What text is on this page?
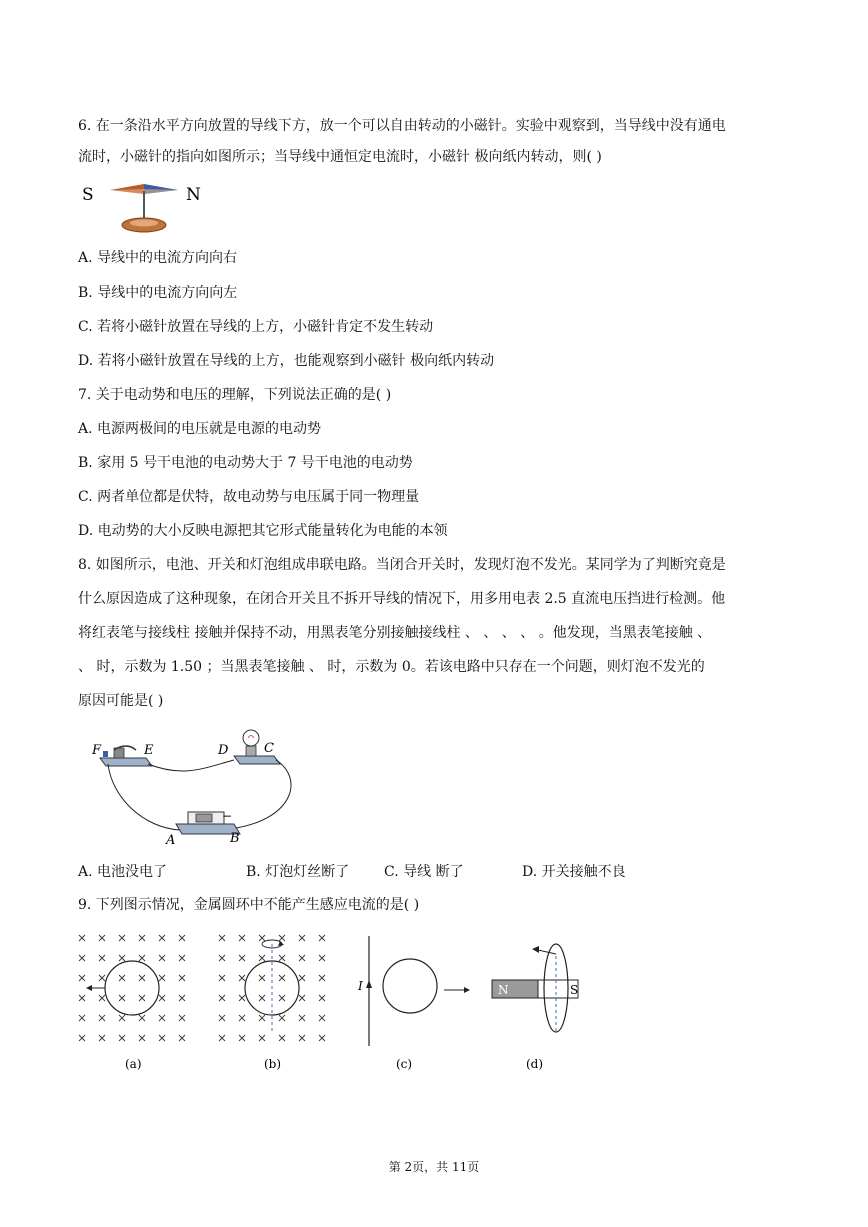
6. 在一条沿水平方向放置的导线下方，放一个可以自由转动的小磁针。实验中观察到，当导线中没有通电
流时，小磁针的指向如图所示；当导线中通恒定电流时，小磁针 极向纸内转动，则( )
S	N
A. 导线中的电流方向向右
B. 导线中的电流方向向左
C. 若将小磁针放置在导线的上方，小磁针肯定不发生转动
D. 若将小磁针放置在导线的上方，也能观察到小磁针 极向纸内转动
7. 关于电动势和电压的理解，下列说法正确的是( )
A. 电源两极间的电压就是电源的电动势
B. 家用 5 号干电池的电动势大于 7 号干电池的电动势
C. 两者单位都是伏特，故电动势与电压属于同一物理量
D. 电动势的大小反映电源把其它形式能量转化为电能的本领
8. 如图所示，电池、开关和灯泡组成串联电路。当闭合开关时，发现灯泡不发光。某同学为了判断究竟是
什么原因造成了这种现象，在闭合开关且不拆开导线的情况下，用多用电表 2.5 直流电压挡进行检测。他
将红表笔与接线柱 接触并保持不动，用黑表笔分别接触接线柱 、 、 、 、 。他发现，当黑表笔接触 、
、 时，示数为 1.50 ；当黑表笔接触 、 时，示数为 0。若该电路中只存在一个问题，则灯泡不发光的
原因可能是( )
F	E	D	C
−
A	B
A. 电池没电了	B. 灯泡灯丝断了 C. 导线 断了	D. 开关接触不良
9. 下列图示情况，金属圆环中不能产生感应电流的是( )
(a)	(b)
I
(c)
N	S
(d)
第 2页，共 11页
